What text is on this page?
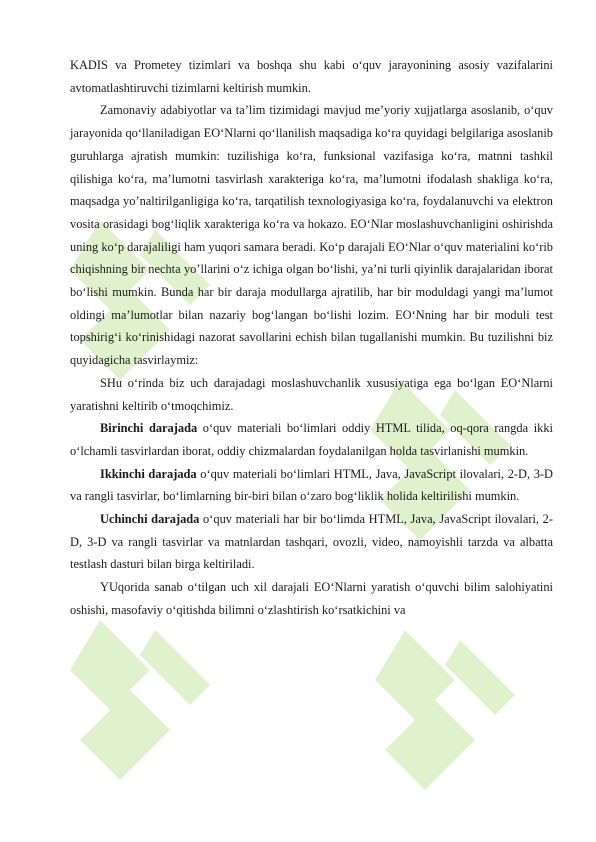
KADIS va Prometey tizimlari va boshqa shu kabi o‘quv jarayonining asosiy vazifalarini avtomatlashtiruvchi tizimlarni keltirish mumkin.

Zamonaviy adabiyotlar va ta’lim tizimidagi mavjud me’yoriy xujjatlarga asoslanib, o‘quv jarayonida qo‘llaniladigan EO‘Nlarni qo‘llanilish maqsadiga ko‘ra quyidagi belgilariga asoslanib guruhlarga ajratish mumkin: tuzilishiga ko‘ra, funksional vazifasiga ko‘ra, matnni tashkil qilishiga ko‘ra, ma’lumotni tasvirlash xarakteriga ko‘ra, ma’lumotni ifodalash shakliga ko‘ra, maqsadga yo’naltirilganligiga ko‘ra, tarqatilish texnologiyasiga ko‘ra, foydalanuvchi va elektron vosita orasidagi bog‘liqlik xarakteriga ko‘ra va hokazo. EO‘Nlar moslashuvchanligini oshirishda uning ko‘p darajaliligi ham yuqori samara beradi. Ko‘p darajali EO‘Nlar o‘quv materialini ko‘rib chiqishning bir nechta yo’llarini o‘z ichiga olgan bo‘lishi, ya’ni turli qiyinlik darajalaridan iborat bo‘lishi mumkin. Bunda har bir daraja modullarga ajratilib, har bir moduldagi yangi ma’lumot oldingi ma’lumotlar bilan nazariy bog‘langan bo‘lishi lozim. EO‘Nning har bir moduli test topshirig‘i ko‘rinishidagi nazorat savollarini echish bilan tugallanishi mumkin. Bu tuzilishni biz quyidagicha tasvirlaymiz:

SHu o‘rinda biz uch darajadagi moslashuvchanlik xususiyatiga ega bo‘lgan EO‘Nlarni yaratishni keltirib o‘tmoqchimiz.

Birinchi darajada o‘quv materiali bo‘limlari oddiy HTML tilida, oq-qora rangda ikki o‘lchamli tasvirlardan iborat, oddiy chizmalardan foydalanilgan holda tasvirlanishi mumkin.

Ikkinchi darajada o‘quv materiali bo‘limlari HTML, Java, JavaScript ilovalari, 2-D, 3-D va rangli tasvirlar, bo‘limlarning bir-biri bilan o‘zaro bog‘liklik holida keltirilishi mumkin.

Uchinchi darajada o‘quv materiali har bir bo‘limda HTML, Java, JavaScript ilovalari, 2-D, 3-D va rangli tasvirlar va matnlardan tashqari, ovozli, video, namoyishli tarzda va albatta testlash dasturi bilan birga keltiriladi.

YUqorida sanab o‘tilgan uch xil darajali EO‘Nlarni yaratish o‘quvchi bilim salohiyatini oshishi, masofaviy o‘qitishda bilimni o‘zlashtirish ko‘rsatkichini va
